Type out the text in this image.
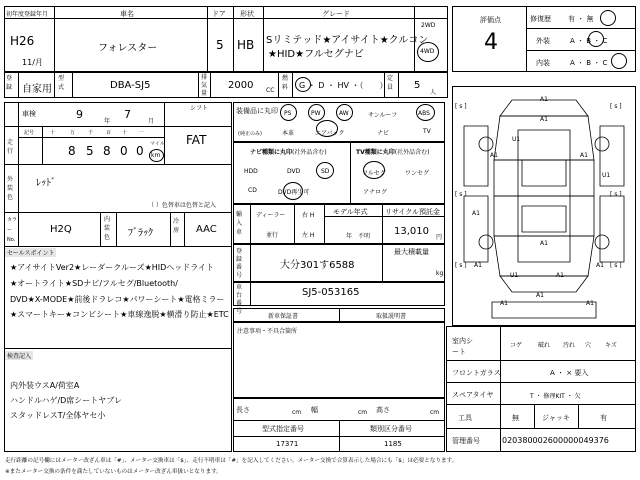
初年度登録年月	車名	ドア 形状	グレード
2WD
H26
11/月
フォレスター	5 HB Sリミテッド★アイサイト★クルコン
★HID★フルセグナビ	4WD
登録 自家用
型式	DBA-SJ5
排気量
2000 CC
燃料 G ・ D ・ HV ・（　　）
定員 5
人
車検	9
年
7
月
シフト
FAT
走行
記号	十	万	千	百 十 一
8 5 8 0 0 マイル
km
外装色
ﾚｯﾄﾞ
（ ）色替車は色替と記入
カラー No.
H2Q
内装色 ﾌﾞﾗｯｸ
冷房 AAC
セールスポイント
★アイサイトVer2★レーダークルーズ★HIDヘッドライト
★オートライト★SDナビ/フルセグ/Bluetooth/
DVD★X-MODE★前後ドラレコ★パワーシート★電格ミラー
★スマートキー★コンビシート★車線逸脱★横滑り防止★ETC
検査記入
内外装ウスA/荷室A
ハンドルハゲ/D席シートヤブレ
スタッドレスT/全体ヤセ小
装備品に丸印
(純正のみ)
PS	PW	AW	サンルーフ	ABS
本革	エアバック	ナビ	TV
ナビ種類に丸印(社外品含む)
HDD	DVD	SD
CD	DVD再生可
TV種類に丸印(社外品含む)
フルセグ	ワンセグ
アナログ
輸入車
ディーラー
並行
右 H
左 H
モデル年式
年　不明
リサイクル預託金
13,010
円
登録番号
大分301す6588
最大積載量
kg
車台番号
SJ5-053165
新車保証書	取扱説明書
注意事項・不具合箇所
長さ	cm 幅	cm 高さ	cm
型式指定番号
17371
類別区分番号
1185
評価点
4
修復歴 有 ・ 無
外装	A ・ B ・ C
内装	A ・ B ・ C
[ s ]	[ s ]
[ s ]	[ s ]
[ s ]	[ s ]
A1
A1
U1
A1	A1
U1
A1
A1
A1	A1
U1	A1
A1
A1	A1
室内シート
コゲ	破れ 汚れ 穴 キズ
フロントガラス	A ・ × 要入
スペアタイヤ	T ・ 修理KIT ・ 欠
工具	無	ジャッキ	有
管理番号	020380002600000049376
走行距離の記号欄にはメーター改ざん車は「#」、メーター交換車は「$」、走行不明車は「#」を記入してください。メーター交換で合算表示した場合にも「$」は必要となります。
※またメーター交換の条件を満たしていないものはメーター改ざん車扱いとなります。
